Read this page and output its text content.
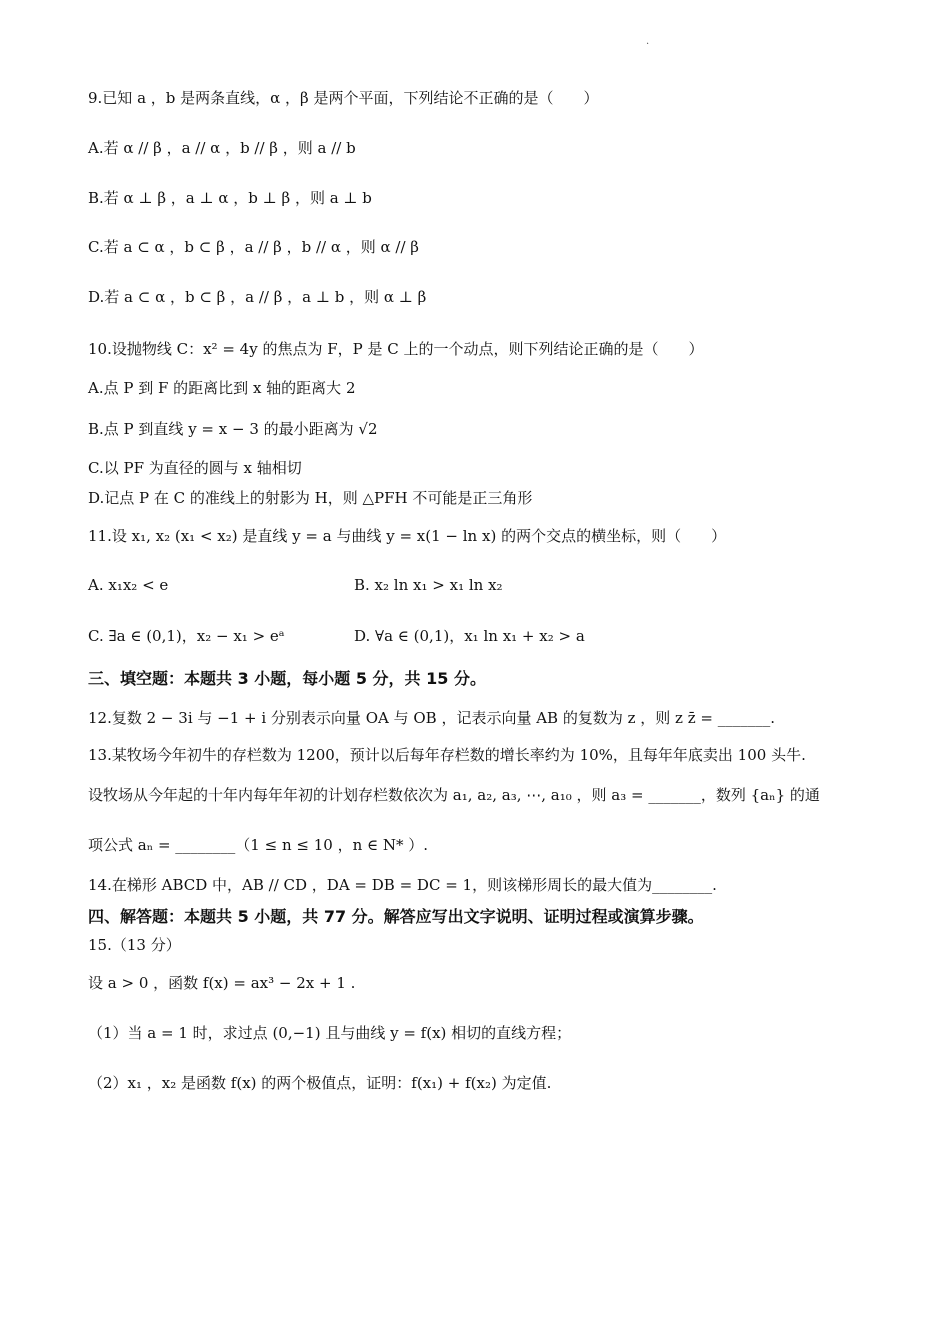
.
9.已知 a ，b 是两条直线，α ，β 是两个平面，下列结论不正确的是（　　）
A.若 α // β ，a // α ，b // β ，则 a // b
B.若 α ⊥ β ，a ⊥ α ，b ⊥ β ，则 a ⊥ b
C.若 a ⊂ α ，b ⊂ β ，a // β ，b // α ，则 α // β
D.若 a ⊂ α ，b ⊂ β ，a // β ，a ⊥ b ，则 α ⊥ β
10.设抛物线 C：x² = 4y 的焦点为 F，P 是 C 上的一个动点，则下列结论正确的是（　　）
A.点 P 到 F 的距离比到 x 轴的距离大 2
B.点 P 到直线 y = x − 3 的最小距离为 √2
C.以 PF 为直径的圆与 x 轴相切
D.记点 P 在 C 的准线上的射影为 H，则 △PFH 不可能是正三角形
11.设 x₁, x₂ (x₁ < x₂) 是直线 y = a 与曲线 y = x(1 − ln x) 的两个交点的横坐标，则（　　）
A. x₁x₂ < e	B. x₂ ln x₁ > x₁ ln x₂
C. ∃a ∈ (0,1)，x₂ − x₁ > eᵃ	D. ∀a ∈ (0,1)，x₁ ln x₁ + x₂ > a
三、填空题：本题共 3 小题，每小题 5 分，共 15 分。
12.复数 2 − 3i 与 −1 + i 分别表示向量 OA 与 OB ，记表示向量 AB 的复数为 z ，则 z z̄ = _______.
13.某牧场今年初牛的存栏数为 1200，预计以后每年存栏数的增长率约为 10%，且每年年底卖出 100 头牛.
设牧场从今年起的十年内每年年初的计划存栏数依次为 a₁, a₂, a₃, ⋯, a₁₀ ，则 a₃ = _______，数列 {aₙ} 的通
项公式 aₙ = ________（1 ≤ n ≤ 10 ，n ∈ N* ）.
14.在梯形 ABCD 中，AB // CD ，DA = DB = DC = 1，则该梯形周长的最大值为________.
四、解答题：本题共 5 小题，共 77 分。解答应写出文字说明、证明过程或演算步骤。
15.（13 分）
设 a > 0 ，函数 f(x) = ax³ − 2x + 1 .
（1）当 a = 1 时，求过点 (0,−1) 且与曲线 y = f(x) 相切的直线方程；
（2）x₁ ，x₂ 是函数 f(x) 的两个极值点，证明：f(x₁) + f(x₂) 为定值.
